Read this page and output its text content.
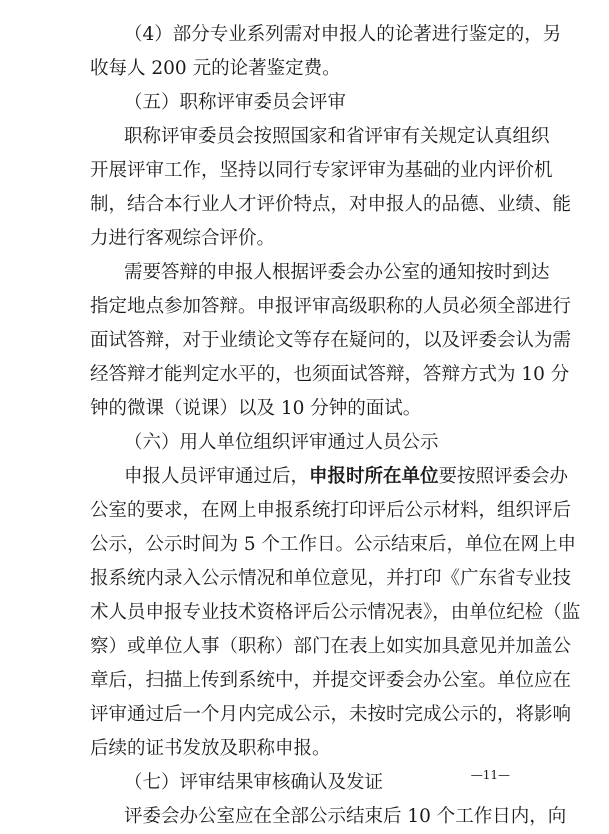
（4）部分专业系列需对申报人的论著进行鉴定的，另
收每人 200 元的论著鉴定费。
（五）职称评审委员会评审
职称评审委员会按照国家和省评审有关规定认真组织
开展评审工作，坚持以同行专家评审为基础的业内评价机
制，结合本行业人才评价特点，对申报人的品德、业绩、能
力进行客观综合评价。
需要答辩的申报人根据评委会办公室的通知按时到达
指定地点参加答辩。申报评审高级职称的人员必须全部进行
面试答辩，对于业绩论文等存在疑问的，以及评委会认为需
经答辩才能判定水平的，也须面试答辩，答辩方式为 10 分
钟的微课（说课）以及 10 分钟的面试。
（六）用人单位组织评审通过人员公示
申报人员评审通过后，申报时所在单位要按照评委会办
公室的要求，在网上申报系统打印评后公示材料，组织评后
公示，公示时间为 5 个工作日。公示结束后，单位在网上申
报系统内录入公示情况和单位意见，并打印《广东省专业技
术人员申报专业技术资格评后公示情况表》，由单位纪检（监
察）或单位人事（职称）部门在表上如实加具意见并加盖公
章后，扫描上传到系统中，并提交评委会办公室。单位应在
评审通过后一个月内完成公示，未按时完成公示的，将影响
后续的证书发放及职称申报。
（七）评审结果审核确认及发证
评委会办公室应在全部公示结束后 10 个工作日内，向
—11—
